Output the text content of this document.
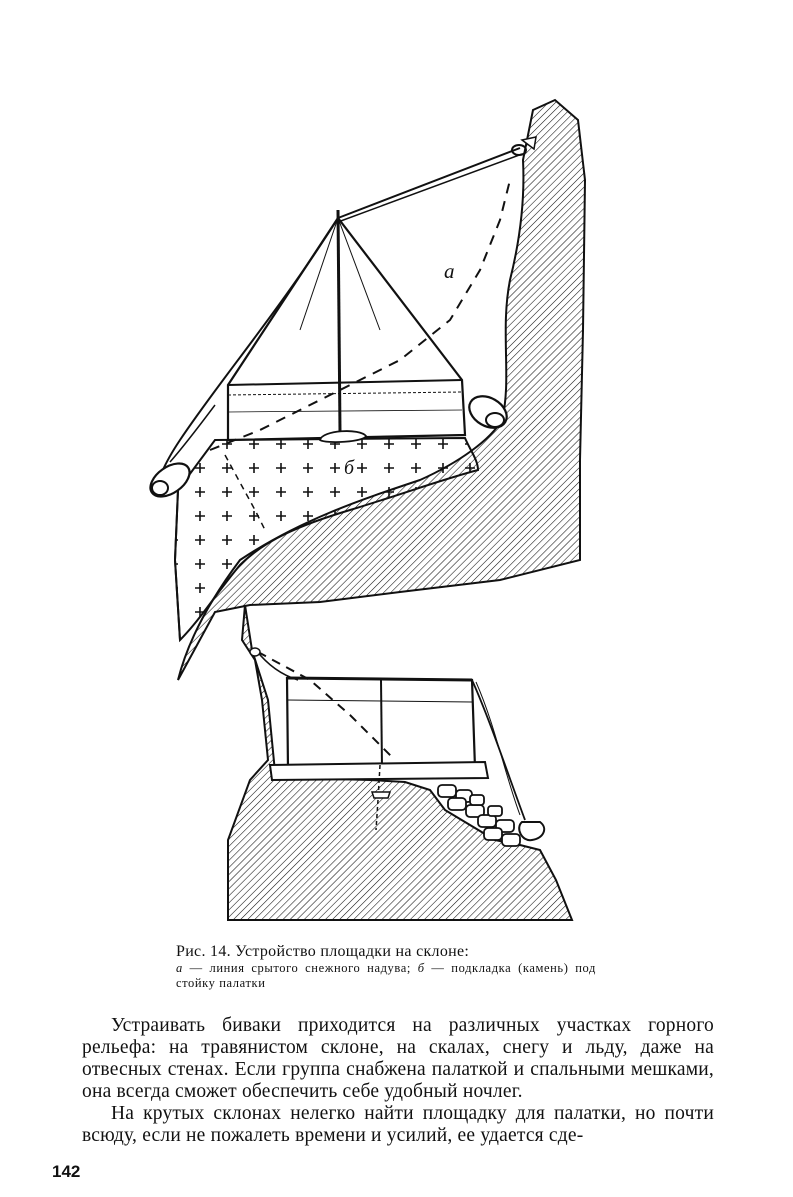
а
б
Рис. 14. Устройство площадки на склоне:
а — линия срытого снежного надува; б — подкладка (камень) под стойку палатки

Устраивать биваки приходится на различных участках горного рельефа: на травянистом склоне, на скалах, снегу и льду, даже на отвесных стенах. Если группа снабжена палаткой и спальными мешками, она всегда сможет обеспечить себе удобный ночлег.

На крутых склонах нелегко найти площадку для палатки, но почти всюду, если не пожалеть времени и усилий, ее удается сде-

142
